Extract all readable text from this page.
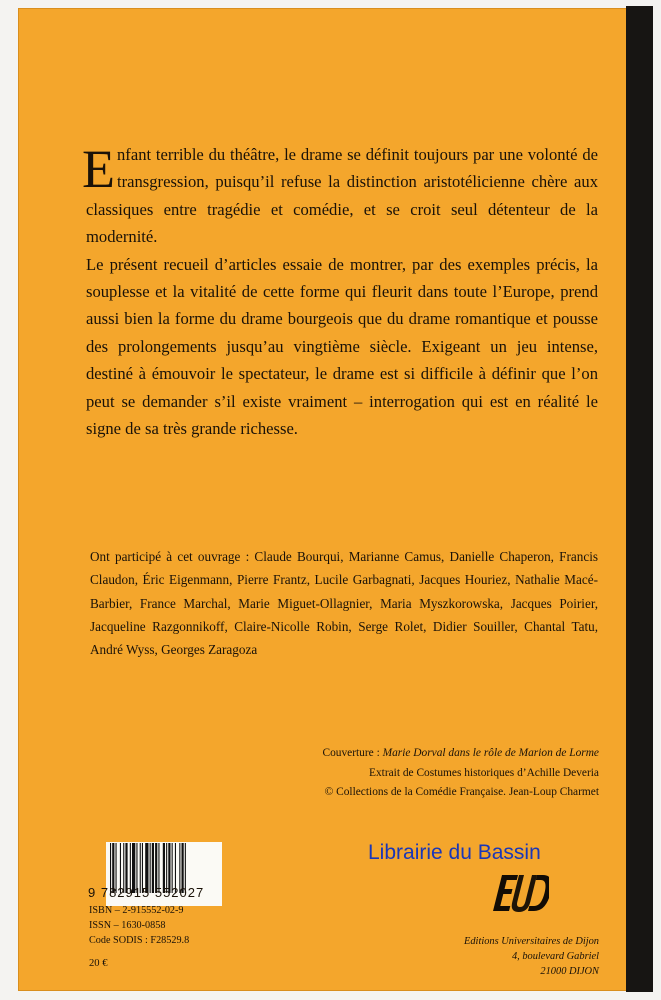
Enfant terrible du théâtre, le drame se définit toujours par une volonté de transgression, puisqu’il refuse la distinction aristotélicienne chère aux classiques entre tragédie et comédie, et se croit seul détenteur de la modernité.

Le présent recueil d’articles essaie de montrer, par des exemples précis, la souplesse et la vitalité de cette forme qui fleurit dans toute l’Europe, prend aussi bien la forme du drame bourgeois que du drame romantique et pousse des prolongements jusqu’au vingtième siècle. Exigeant un jeu intense, destiné à émouvoir le spectateur, le drame est si difficile à définir que l’on peut se demander s’il existe vraiment – interrogation qui est en réalité le signe de sa très grande richesse.

Ont participé à cet ouvrage : Claude Bourqui, Marianne Camus, Danielle Chaperon, Francis Claudon, Éric Eigenmann, Pierre Frantz, Lucile Garbagnati, Jacques Houriez, Nathalie Macé-Barbier, France Marchal, Marie Miguet-Ollagnier, Maria Myszkorowska, Jacques Poirier, Jacqueline Razgonnikoff, Claire-Nicolle Robin, Serge Rolet, Didier Souiller, Chantal Tatu, André Wyss, Georges Zaragoza
Couverture : Marie Dorval dans le rôle de Marion de Lorme
Extrait de Costumes historiques d’Achille Deveria
© Collections de la Comédie Française. Jean-Loup Charmet
9 782915 552027
ISBN – 2-915552-02-9
ISSN – 1630-0858
Code SODIS : F28529.8
20 €
Librairie du Bassin
Editions Universitaires de Dijon
4, boulevard Gabriel
21000 DIJON
